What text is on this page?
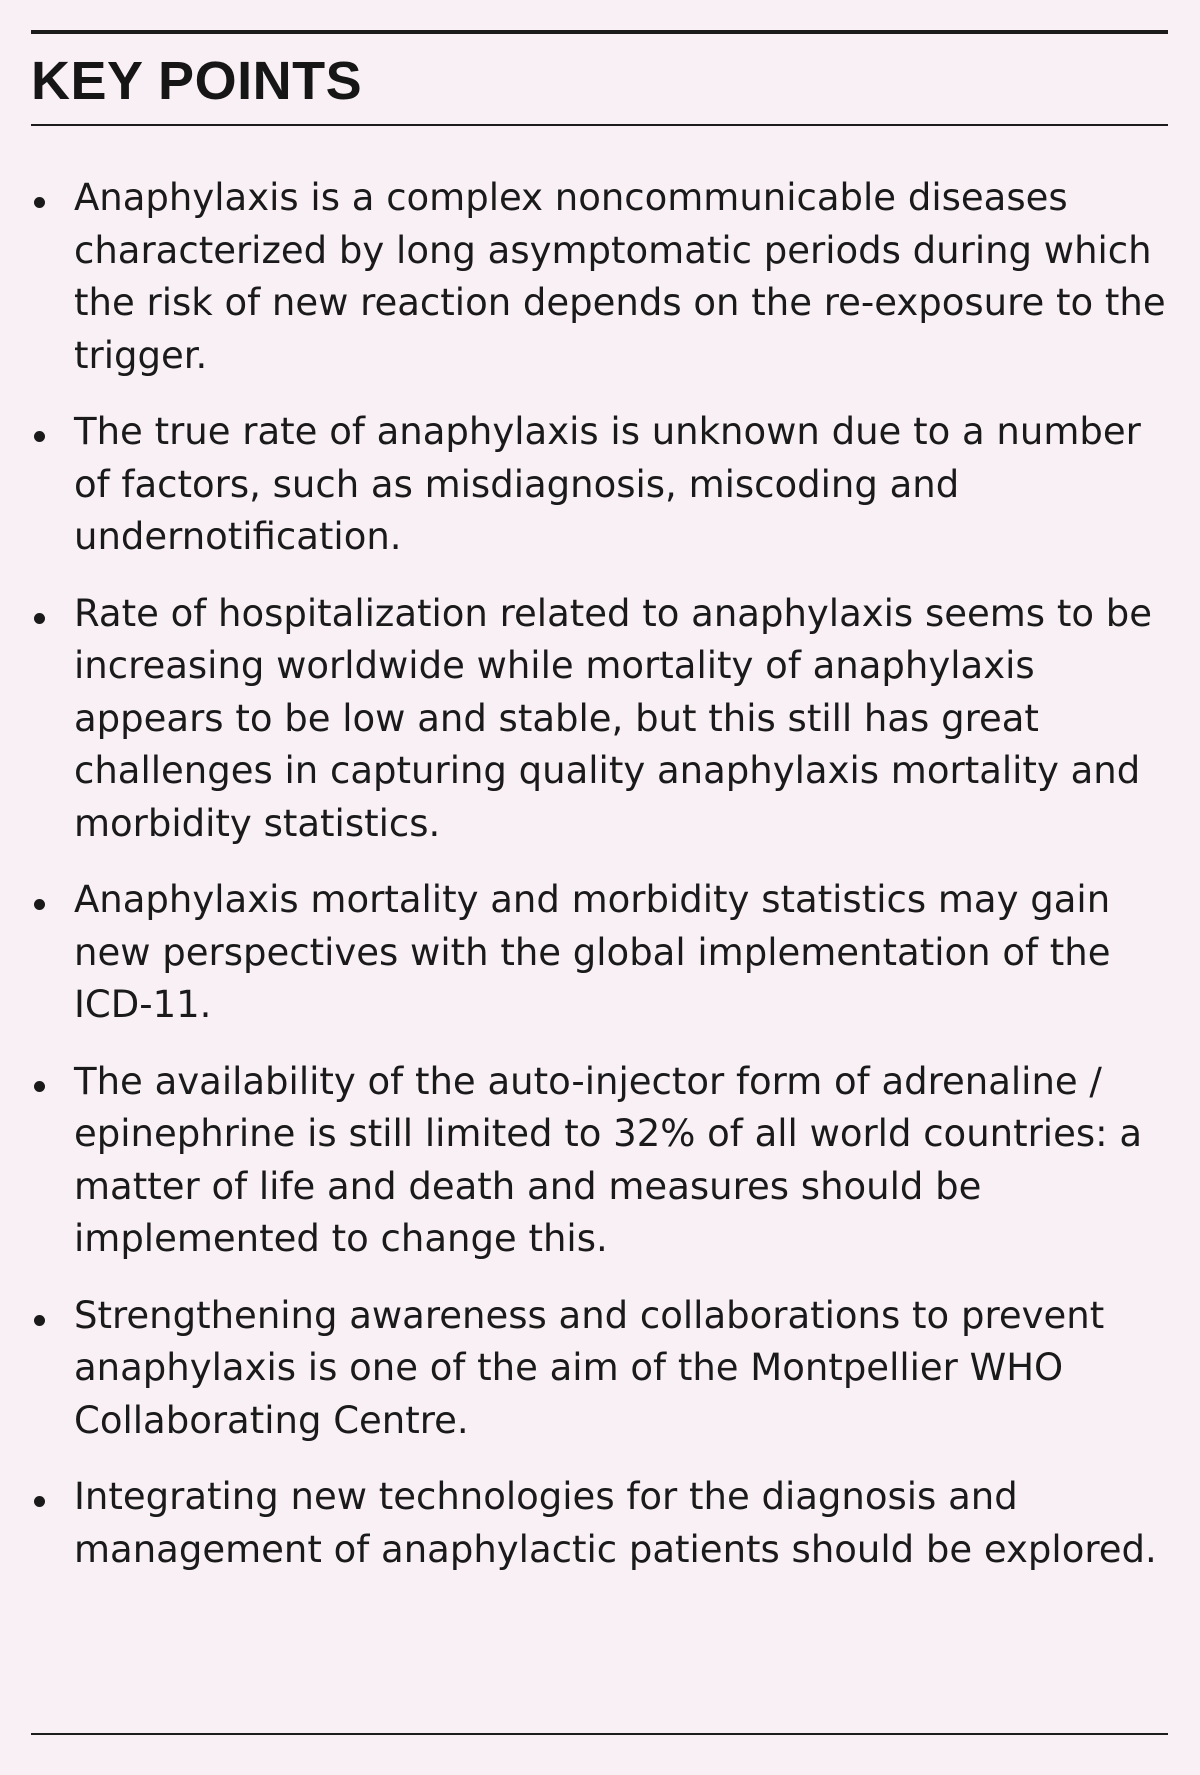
KEY POINTS
Anaphylaxis is a complex noncommunicable diseases characterized by long asymptomatic periods during which the risk of new reaction depends on the re-exposure to the trigger.
The true rate of anaphylaxis is unknown due to a number of factors, such as misdiagnosis, miscoding and undernotification.
Rate of hospitalization related to anaphylaxis seems to be increasing worldwide while mortality of anaphylaxis appears to be low and stable, but this still has great challenges in capturing quality anaphylaxis mortality and morbidity statistics.
Anaphylaxis mortality and morbidity statistics may gain new perspectives with the global implementation of the ICD-11.
The availability of the auto-injector form of adrenaline / epinephrine is still limited to 32% of all world countries: a matter of life and death and measures should be implemented to change this.
Strengthening awareness and collaborations to prevent anaphylaxis is one of the aim of the Montpellier WHO Collaborating Centre.
Integrating new technologies for the diagnosis and management of anaphylactic patients should be explored.
